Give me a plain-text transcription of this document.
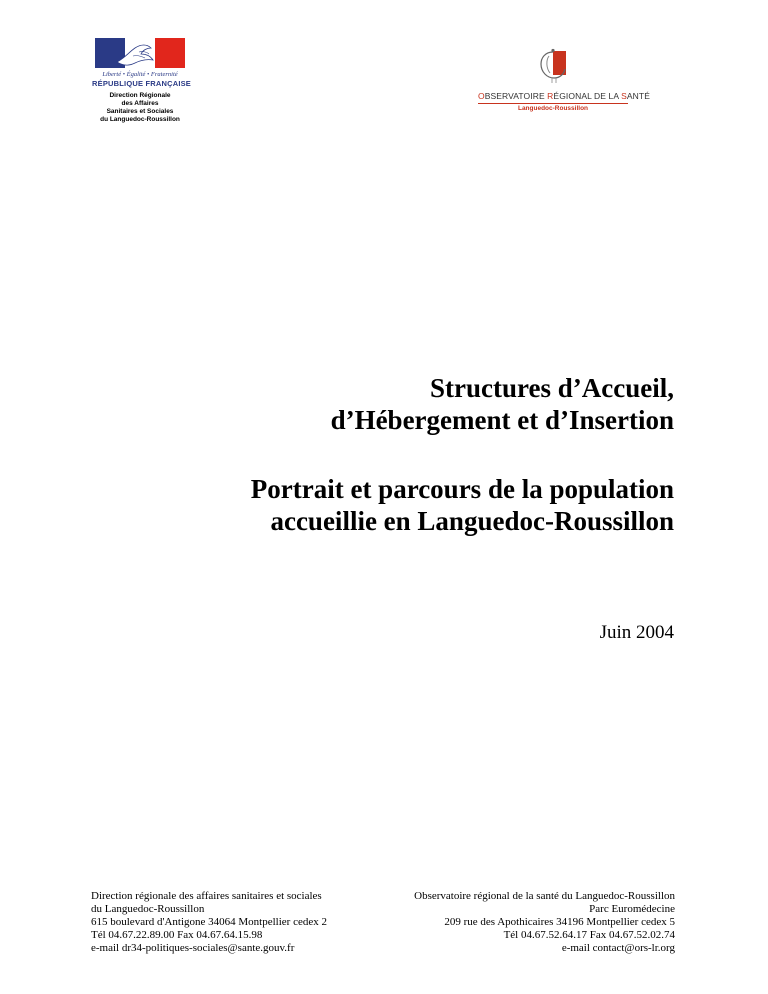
Liberté • Égalité • Fraternité
RÉPUBLIQUE FRANÇAISE
Direction Régionale
des Affaires
Sanitaires et Sociales
du Languedoc-Roussillon
OBSERVATOIRE RÉGIONAL DE LA SANTÉ
Languedoc-Roussillon
Structures d’Accueil,
d’Hébergement et d’Insertion
Portrait et parcours de la population
accueillie en Languedoc-Roussillon
Juin 2004
Direction régionale des affaires sanitaires et sociales
du Languedoc-Roussillon
615 boulevard d'Antigone 34064 Montpellier cedex 2
Tél 04.67.22.89.00 Fax 04.67.64.15.98
e-mail dr34-politiques-sociales@sante.gouv.fr
Observatoire régional de la santé du Languedoc-Roussillon
Parc Euromédecine
209 rue des Apothicaires 34196 Montpellier cedex 5
Tél 04.67.52.64.17 Fax 04.67.52.02.74
e-mail contact@ors-lr.org
